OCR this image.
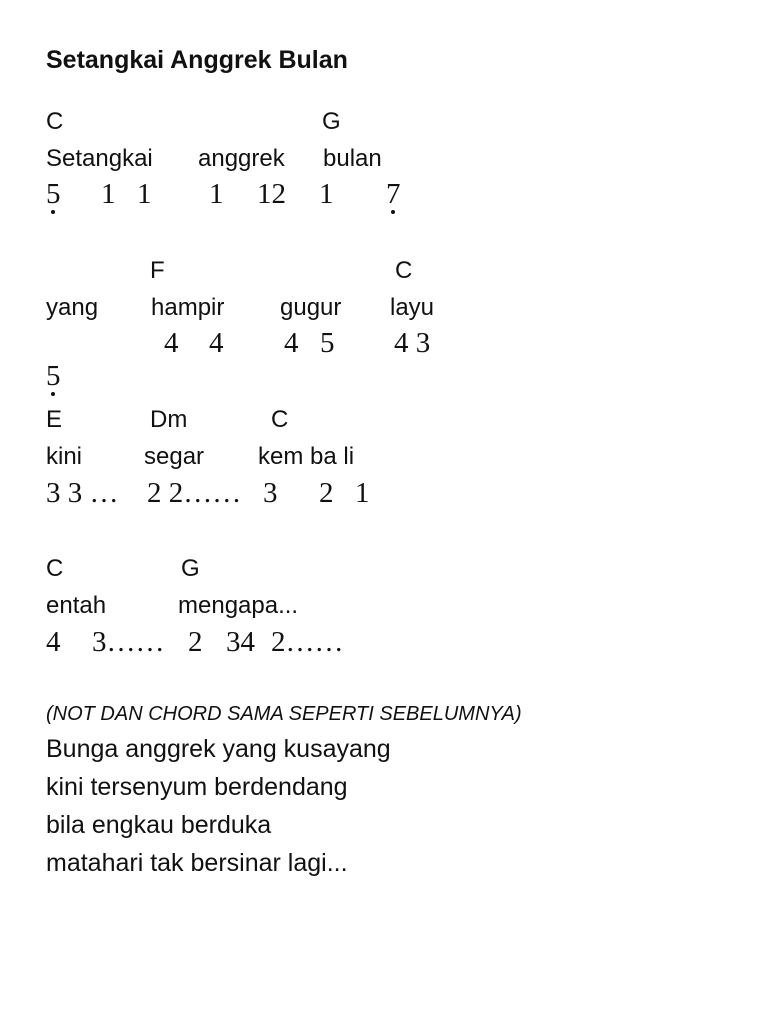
Setangkai Anggrek Bulan
C	G
Setangkai anggrek bulan
5
1 1 1 12 1 7
F	C
yang hampir gugur layu
5
4 4 4 5 4 3
E	Dm	C
kini	segar kem ba li
3 3 … 2 2…… 3 2 1
C	G
entah	mengapa...
4 3…… 2 34 2……
(NOT DAN CHORD SAMA SEPERTI SEBELUMNYA)
Bunga anggrek yang kusayang
kini tersenyum berdendang
bila engkau berduka
matahari tak bersinar lagi...
